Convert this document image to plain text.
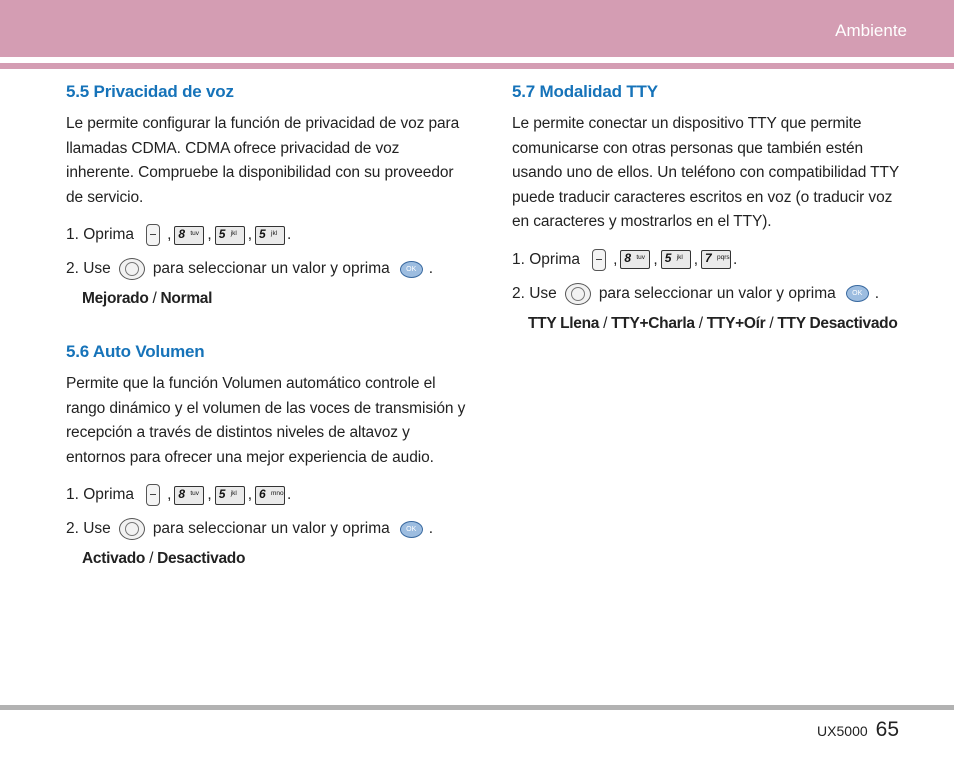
Ambiente
5.5 Privacidad de voz

Le permite configurar la función de privacidad de voz para llamadas CDMA. CDMA ofrece privacidad de voz inherente. Compruebe la disponibilidad con su proveedor de servicio.

1. Oprima , 8 tuv , 5 jkl , 5 jkl .
2. Use	para seleccionar un valor y oprima	OK .
Mejorado / Normal
5.6 Auto Volumen

Permite que la función Volumen automático controle el rango dinámico y el volumen de las voces de transmisión y recepción a través de distintos niveles de altavoz y entornos para ofrecer una mejor experiencia de audio.

1. Oprima , 8 tuv , 5 jkl , 6 mno .
2. Use	para seleccionar un valor y oprima	OK .
Activado / Desactivado
5.7 Modalidad TTY

Le permite conectar un dispositivo TTY que permite comunicarse con otras personas que también estén usando uno de ellos. Un teléfono con compatibilidad TTY puede traducir caracteres escritos en voz (o traducir voz en caracteres y mostrarlos en el TTY).

1. Oprima , 8 tuv , 5 jkl , 7 pqrs .
2. Use	para seleccionar un valor y oprima	OK .
TTY Llena / TTY+Charla / TTY+Oír / TTY Desactivado
UX5000 65
